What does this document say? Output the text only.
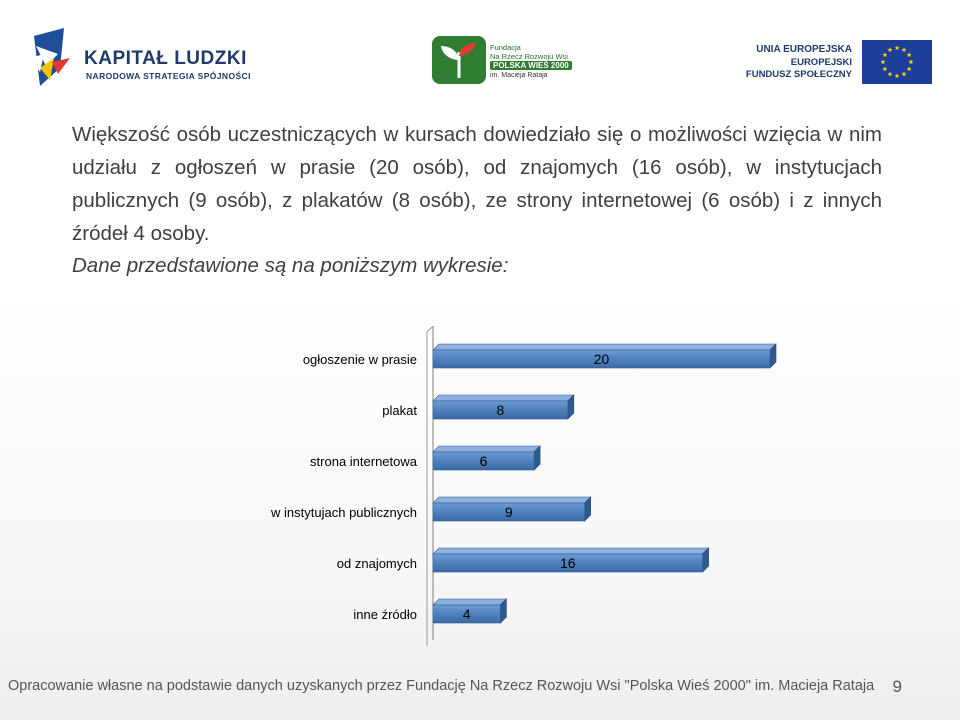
KAPITAŁ LUDZKI
NARODOWA STRATEGIA SPÓJNOŚCI
Fundacja
Na Rzecz Rozwoju Wsi
POLSKA WIEŚ 2000
im. Macieja Rataja
UNIA EUROPEJSKA
EUROPEJSKI
FUNDUSZ SPOŁECZNY
Większość osób uczestniczących w kursach dowiedziało się o możliwości wzięcia w nim udziału z ogłoszeń w prasie (20 osób), od znajomych (16 osób), w instytucjach publicznych (9 osób), z plakatów (8 osób), ze strony internetowej (6 osób) i z innych źródeł 4 osoby.
Dane przedstawione są na poniższym wykresie:
ogłoszenie w prasie	20
plakat	8
strona internetowa	6
w instytujach publicznych	9
od znajomych	16
inne źródło	4
Opracowanie własne na podstawie danych uzyskanych przez Fundację Na Rzecz Rozwoju Wsi "Polska Wieś 2000" im. Macieja Rataja 9
